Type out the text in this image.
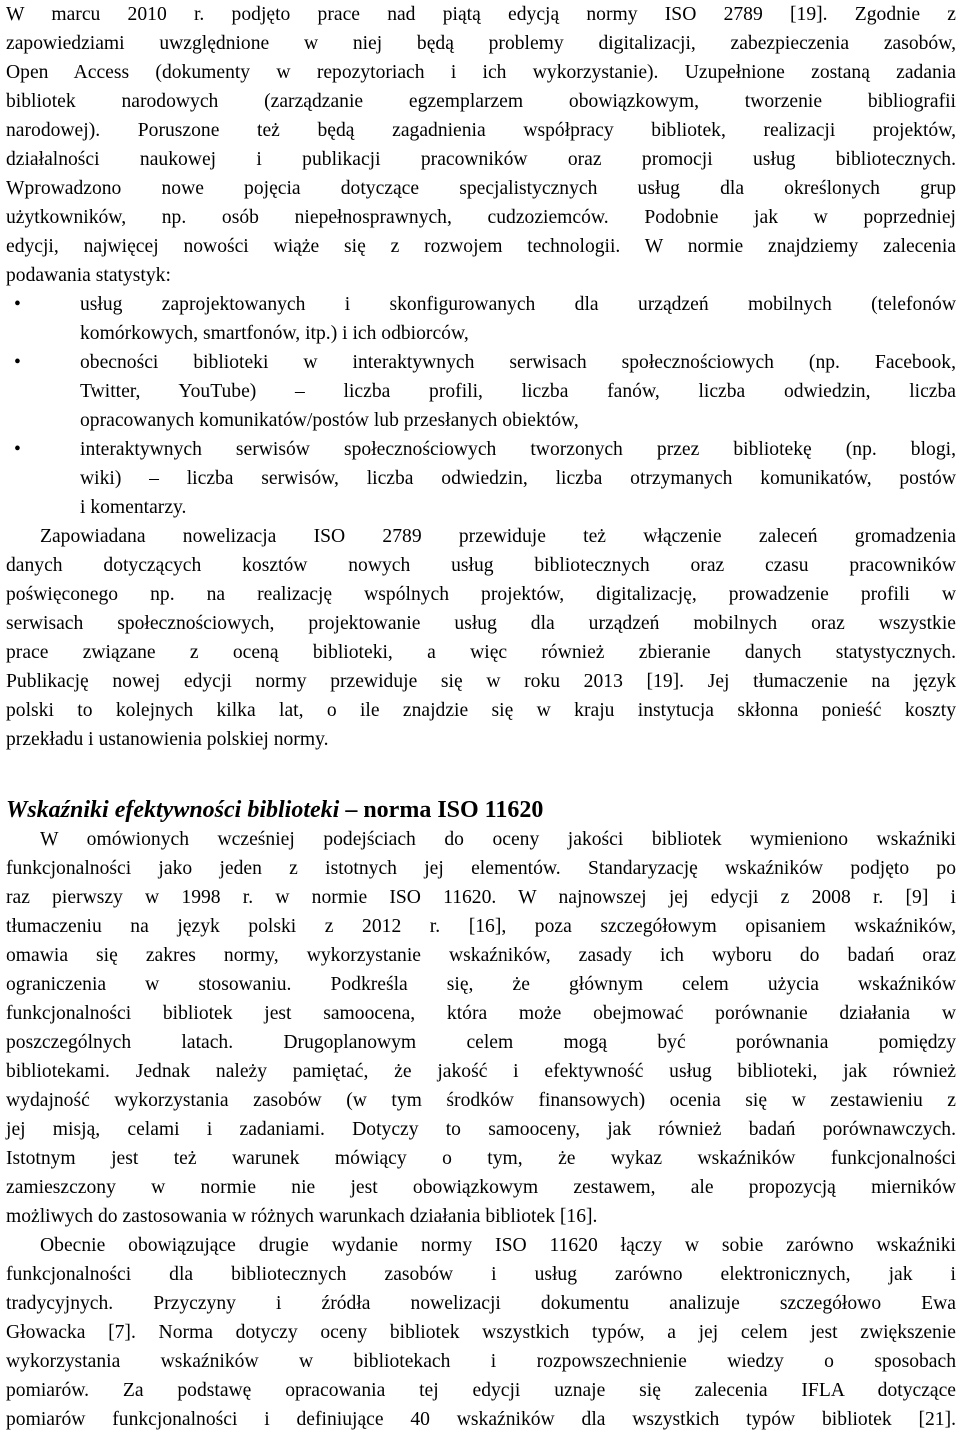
W marcu 2010 r. podjęto prace nad piątą edycją normy ISO 2789 [19]. Zgodnie z
zapowiedziami uwzględnione w niej będą problemy digitalizacji, zabezpieczenia zasobów,
Open Access (dokumenty w repozytoriach i ich wykorzystanie). Uzupełnione zostaną zadania
bibliotek narodowych (zarządzanie egzemplarzem obowiązkowym, tworzenie bibliografii
narodowej). Poruszone też będą zagadnienia współpracy bibliotek, realizacji projektów,
działalności naukowej i publikacji pracowników oraz promocji usług bibliotecznych.
Wprowadzono nowe pojęcia dotyczące specjalistycznych usług dla określonych grup
użytkowników, np. osób niepełnosprawnych, cudzoziemców. Podobnie jak w poprzedniej
edycji, najwięcej nowości wiąże się z rozwojem technologii. W normie znajdziemy zalecenia
podawania statystyk:
•	usług zaprojektowanych i skonfigurowanych dla urządzeń mobilnych (telefonów
komórkowych, smartfonów, itp.) i ich odbiorców,
•	obecności biblioteki w interaktywnych serwisach społecznościowych (np. Facebook,
Twitter, YouTube) – liczba profili, liczba fanów, liczba odwiedzin, liczba
opracowanych komunikatów/postów lub przesłanych obiektów,
•	interaktywnych serwisów społecznościowych tworzonych przez bibliotekę (np. blogi,
wiki) – liczba serwisów, liczba odwiedzin, liczba otrzymanych komunikatów, postów
i komentarzy.
Zapowiadana nowelizacja ISO 2789 przewiduje też włączenie zaleceń gromadzenia
danych dotyczących kosztów nowych usług bibliotecznych oraz czasu pracowników
poświęconego np. na realizację wspólnych projektów, digitalizację, prowadzenie profili w
serwisach społecznościowych, projektowanie usług dla urządzeń mobilnych oraz wszystkie
prace związane z oceną biblioteki, a więc również zbieranie danych statystycznych.
Publikację nowej edycji normy przewiduje się w roku 2013 [19]. Jej tłumaczenie na język
polski to kolejnych kilka lat, o ile znajdzie się w kraju instytucja skłonna ponieść koszty
przekładu i ustanowienia polskiej normy.
Wskaźniki efektywności biblioteki – norma ISO 11620
W omówionych wcześniej podejściach do oceny jakości bibliotek wymieniono wskaźniki
funkcjonalności jako jeden z istotnych jej elementów. Standaryzację wskaźników podjęto po
raz pierwszy w 1998 r. w normie ISO 11620. W najnowszej jej edycji z 2008 r. [9] i
tłumaczeniu na język polski z 2012 r. [16], poza szczegółowym opisaniem wskaźników,
omawia się zakres normy, wykorzystanie wskaźników, zasady ich wyboru do badań oraz
ograniczenia w stosowaniu. Podkreśla się, że głównym celem użycia wskaźników
funkcjonalności bibliotek jest samoocena, która może obejmować porównanie działania w
poszczególnych latach. Drugoplanowym celem mogą być porównania pomiędzy
bibliotekami. Jednak należy pamiętać, że jakość i efektywność usług biblioteki, jak również
wydajność wykorzystania zasobów (w tym środków finansowych) ocenia się w zestawieniu z
jej misją, celami i zadaniami. Dotyczy to samooceny, jak również badań porównawczych.
Istotnym jest też warunek mówiący o tym, że wykaz wskaźników funkcjonalności
zamieszczony w normie nie jest obowiązkowym zestawem, ale propozycją mierników
możliwych do zastosowania w różnych warunkach działania bibliotek [16].
Obecnie obowiązujące drugie wydanie normy ISO 11620 łączy w sobie zarówno wskaźniki
funkcjonalności dla bibliotecznych zasobów i usług zarówno elektronicznych, jak i
tradycyjnych. Przyczyny i źródła nowelizacji dokumentu analizuje szczegółowo Ewa
Głowacka [7]. Norma dotyczy oceny bibliotek wszystkich typów, a jej celem jest zwiększenie
wykorzystania wskaźników w bibliotekach i rozpowszechnienie wiedzy o sposobach
pomiarów. Za podstawę opracowania tej edycji uznaje się zalecenia IFLA dotyczące
pomiarów funkcjonalności i definiujące 40 wskaźników dla wszystkich typów bibliotek [21].
